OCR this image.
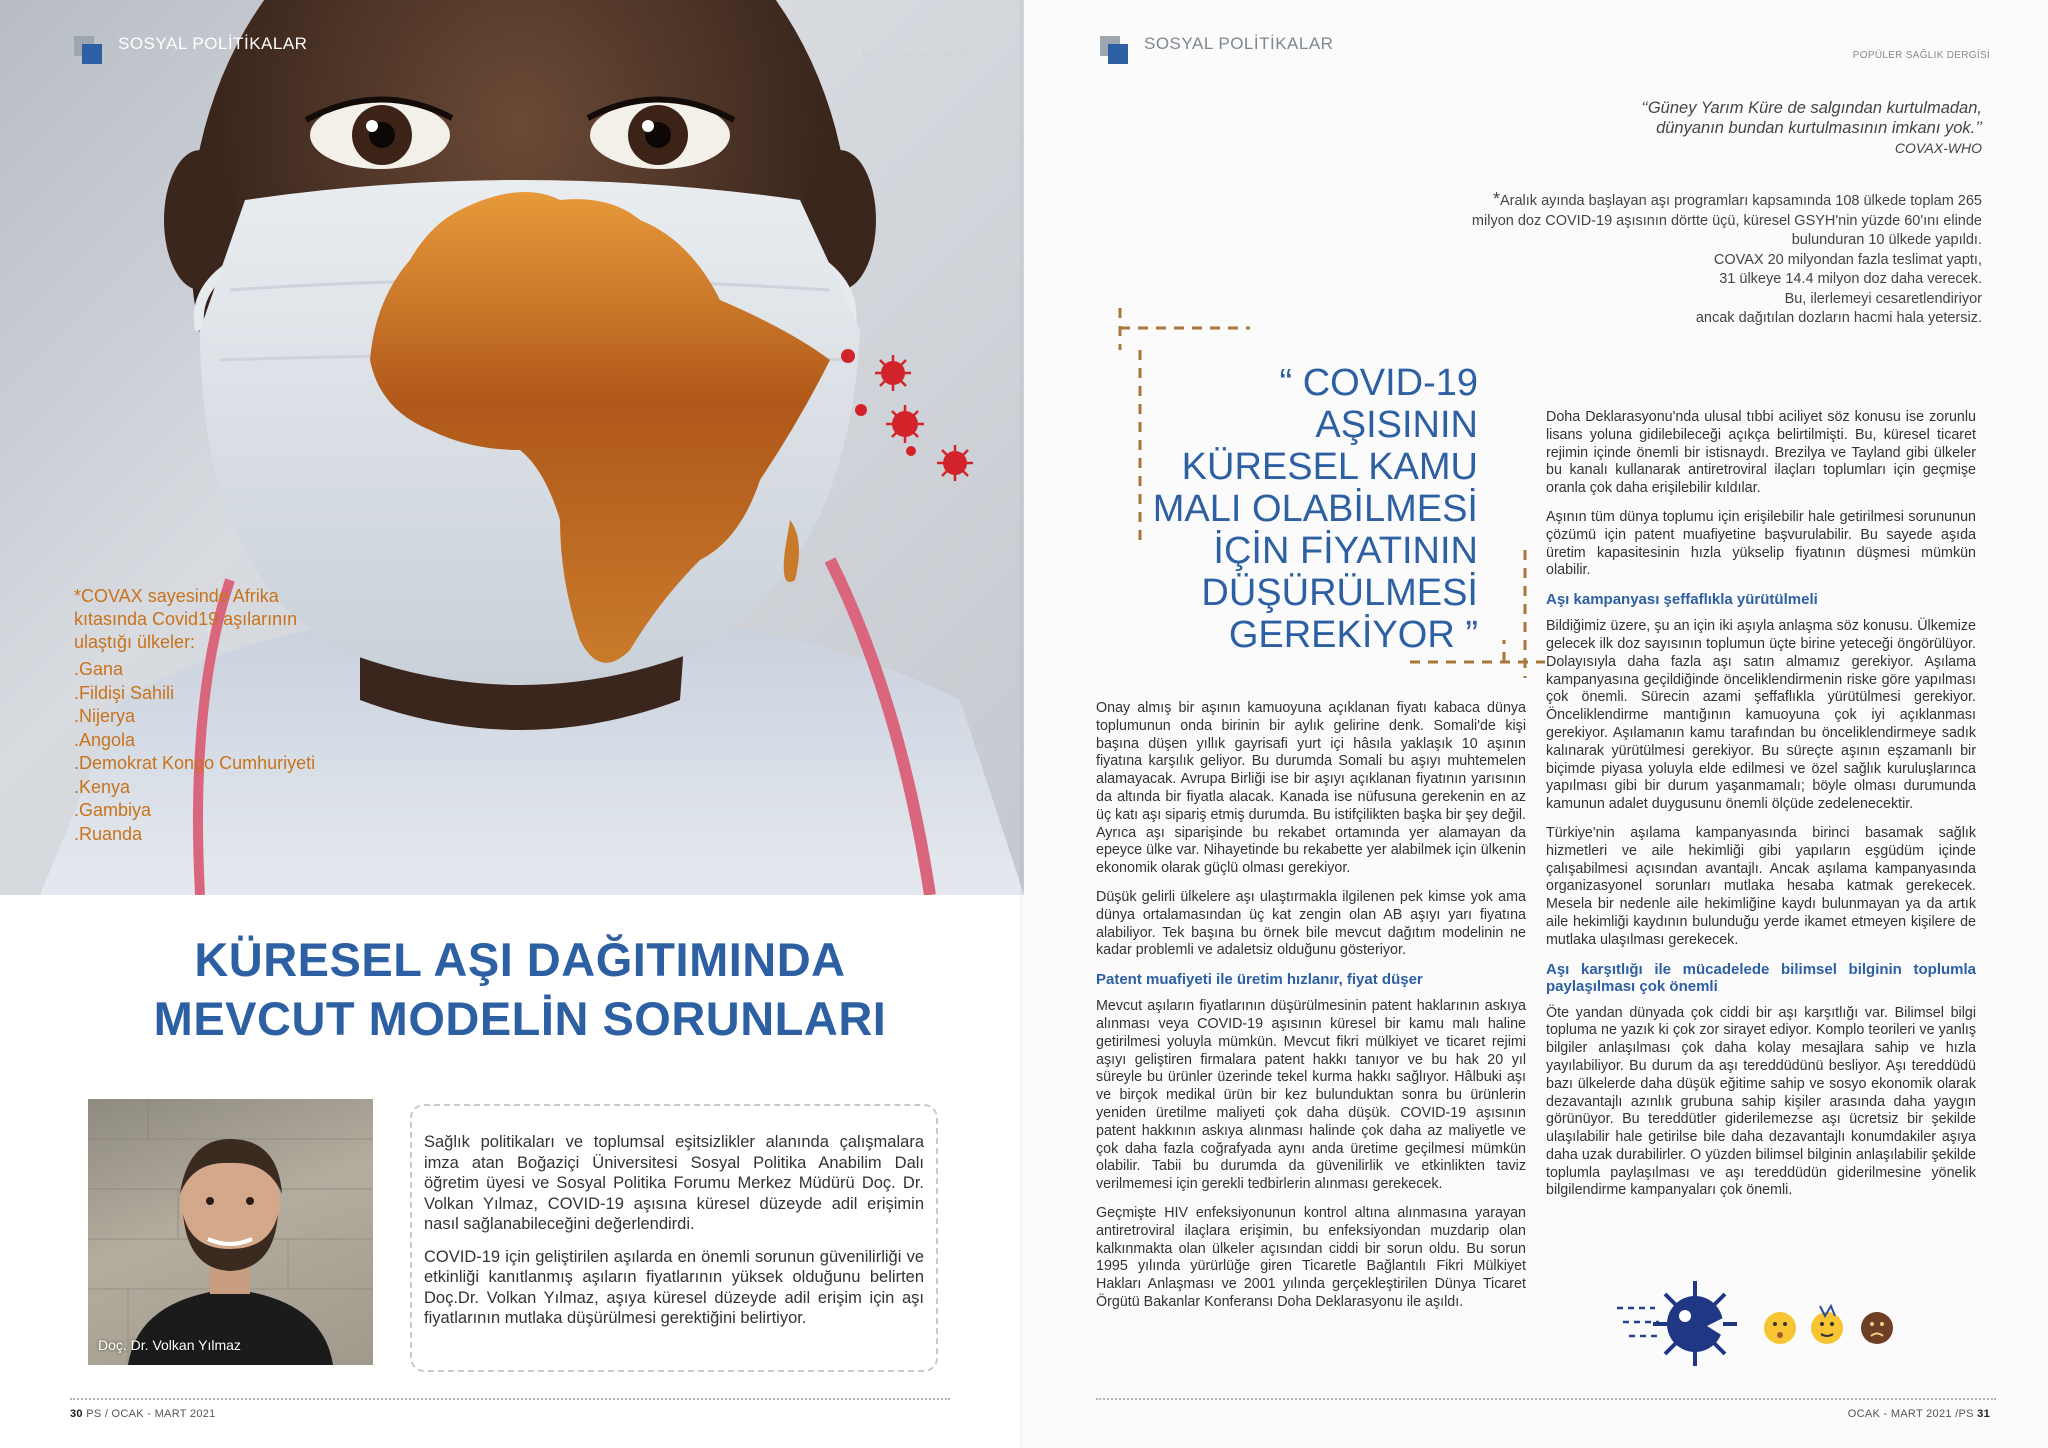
SOSYAL POLİTİKALAR
POPÜLER SAĞLIK DE
*COVAX sayesinde Afrika kıtasında Covid19 aşılarının ulaştığı ülkeler:
. Gana
. Fildişi Sahili
. Nijerya
. Angola
. Demokrat Kongo Cumhuriyeti
. Kenya
. Gambiya
. Ruanda
KÜRESEL AŞI DAĞITIMINDA
MEVCUT MODELİN SORUNLARI
Doç. Dr. Volkan Yılmaz

Sağlık politikaları ve toplumsal eşitsizlikler alanında çalışmalara imza atan Boğaziçi Üniversitesi Sosyal Politika Anabilim Dalı öğretim üyesi ve Sosyal Politika Forumu Merkez Müdürü Doç. Dr. Volkan Yılmaz, COVID-19 aşısına küresel düzeyde adil erişimin nasıl sağlanabileceğini değerlendirdi.

COVID-19 için geliştirilen aşılarda en önemli sorunun güvenilirliği ve etkinliği kanıtlanmış aşıların fiyatlarının yüksek olduğunu belirten Doç.Dr. Volkan Yılmaz, aşıya küresel düzeyde adil erişim için aşı fiyatlarının mutlaka düşürülmesi gerektiğini belirtiyor.

30 PS / OCAK - MART 2021
SOSYAL POLİTİKALAR
POPÜLER SAĞLIK DERGİSİ
‘‘Güney Yarım Küre de salgından kurtulmadan,
dünyanın bundan kurtulmasının imkanı yok.’’
COVAX-WHO
*Aralık ayında başlayan aşı programları kapsamında 108 ülkede toplam 265
milyon doz COVID-19 aşısının dörtte üçü, küresel GSYH'nin yüzde 60'ını elinde
bulunduran 10 ülkede yapıldı.
COVAX 20 milyondan fazla teslimat yaptı,
31 ülkeye 14.4 milyon doz daha verecek.
Bu, ilerlemeyi cesaretlendiriyor
ancak dağıtılan dozların hacmi hala yetersiz.
“ COVID-19 AŞISININ
KÜRESEL KAMU
MALI OLABİLMESİ
İÇİN FİYATININ
DÜŞÜRÜLMESİ
GEREKİYOR ”

Onay almış bir aşının kamuoyuna açıklanan fiyatı kabaca dünya toplumunun onda birinin bir aylık gelirine denk. Somali'de kişi başına düşen yıllık gayrisafi yurt içi hâsıla yaklaşık 10 aşının fiyatına karşılık geliyor. Bu durumda Somali bu aşıyı muhtemelen alamayacak. Avrupa Birliği ise bir aşıyı açıklanan fiyatının yarısının da altında bir fiyatla alacak. Kanada ise nüfusuna gerekenin en az üç katı aşı sipariş etmiş durumda. Bu istifçilikten başka bir şey değil. Ayrıca aşı siparişinde bu rekabet ortamında yer alamayan da epeyce ülke var. Nihayetinde bu rekabette yer alabilmek için ülkenin ekonomik olarak güçlü olması gerekiyor.

Düşük gelirli ülkelere aşı ulaştırmakla ilgilenen pek kimse yok ama dünya ortalamasından üç kat zengin olan AB aşıyı yarı fiyatına alabiliyor. Tek başına bu örnek bile mevcut dağıtım modelinin ne kadar problemli ve adaletsiz olduğunu gösteriyor.

Patent muafiyeti ile üretim hızlanır, fiyat düşer

Mevcut aşıların fiyatlarının düşürülmesinin patent haklarının askıya alınması veya COVID-19 aşısının küresel bir kamu malı haline getirilmesi yoluyla mümkün. Mevcut fikri mülkiyet ve ticaret rejimi aşıyı geliştiren firmalara patent hakkı tanıyor ve bu hak 20 yıl süreyle bu ürünler üzerinde tekel kurma hakkı sağlıyor. Hâlbuki aşı ve birçok medikal ürün bir kez bulunduktan sonra bu ürünlerin yeniden üretilme maliyeti çok daha düşük. COVID-19 aşısının patent hakkının askıya alınması halinde çok daha az maliyetle ve çok daha fazla coğrafyada aynı anda üretime geçilmesi mümkün olabilir. Tabii bu durumda da güvenilirlik ve etkinlikten taviz verilmemesi için gerekli tedbirlerin alınması gerekecek.

Geçmişte HIV enfeksiyonunun kontrol altına alınmasına yarayan antiretroviral ilaçlara erişimin, bu enfeksiyondan muzdarip olan kalkınmakta olan ülkeler açısından ciddi bir sorun oldu. Bu sorun 1995 yılında yürürlüğe giren Ticaretle Bağlantılı Fikri Mülkiyet Hakları Anlaşması ve 2001 yılında gerçekleştirilen Dünya Ticaret Örgütü Bakanlar Konferansı Doha Deklarasyonu ile aşıldı.

Doha Deklarasyonu'nda ulusal tıbbi aciliyet söz konusu ise zorunlu lisans yoluna gidilebileceği açıkça belirtilmişti. Bu, küresel ticaret rejimin içinde önemli bir istisnaydı. Brezilya ve Tayland gibi ülkeler bu kanalı kullanarak antiretroviral ilaçları toplumları için geçmişe oranla çok daha erişilebilir kıldılar.

Aşının tüm dünya toplumu için erişilebilir hale getirilmesi sorununun çözümü için patent muafiyetine başvurulabilir. Bu sayede aşıda üretim kapasitesinin hızla yükselip fiyatının düşmesi mümkün olabilir.

Aşı kampanyası şeffaflıkla yürütülmeli

Bildiğimiz üzere, şu an için iki aşıyla anlaşma söz konusu. Ülkemize gelecek ilk doz sayısının toplumun üçte birine yeteceği öngörülüyor. Dolayısıyla daha fazla aşı satın almamız gerekiyor. Aşılama kampanyasına geçildiğinde önceliklendirmenin riske göre yapılması çok önemli. Sürecin azami şeffaflıkla yürütülmesi gerekiyor. Önceliklendirme mantığının kamuoyuna çok iyi açıklanması gerekiyor. Aşılamanın kamu tarafından bu önceliklendirmeye sadık kalınarak yürütülmesi gerekiyor. Bu süreçte aşının eşzamanlı bir biçimde piyasa yoluyla elde edilmesi ve özel sağlık kuruluşlarınca yapılması gibi bir durum yaşanmamalı; böyle olması durumunda kamunun adalet duygusunu önemli ölçüde zedelenecektir.

Türkiye'nin aşılama kampanyasında birinci basamak sağlık hizmetleri ve aile hekimliği gibi yapıların eşgüdüm içinde çalışabilmesi açısından avantajlı. Ancak aşılama kampanyasında organizasyonel sorunları mutlaka hesaba katmak gerekecek. Mesela bir nedenle aile hekimliğine kaydı bulunmayan ya da artık aile hekimliği kaydının bulunduğu yerde ikamet etmeyen kişilere de mutlaka ulaşılması gerekecek.

Aşı karşıtlığı ile mücadelede bilimsel bilginin toplumla paylaşılması çok önemli

Öte yandan dünyada çok ciddi bir aşı karşıtlığı var. Bilimsel bilgi topluma ne yazık ki çok zor sirayet ediyor. Komplo teorileri ve yanlış bilgiler anlaşılması çok daha kolay mesajlara sahip ve hızla yayılabiliyor. Bu durum da aşı tereddüdünü besliyor. Aşı tereddüdü bazı ülkelerde daha düşük eğitime sahip ve sosyo ekonomik olarak dezavantajlı azınlık grubuna sahip kişiler arasında daha yaygın görünüyor. Bu tereddütler giderilemezse aşı ücretsiz bir şekilde ulaşılabilir hale getirilse bile daha dezavantajlı konumdakiler aşıya daha uzak durabilirler. O yüzden bilimsel bilginin anlaşılabilir şekilde toplumla paylaşılması ve aşı tereddüdün giderilmesine yönelik bilgilendirme kampanyaları çok önemli.

OCAK - MART 2021 /PS 31
